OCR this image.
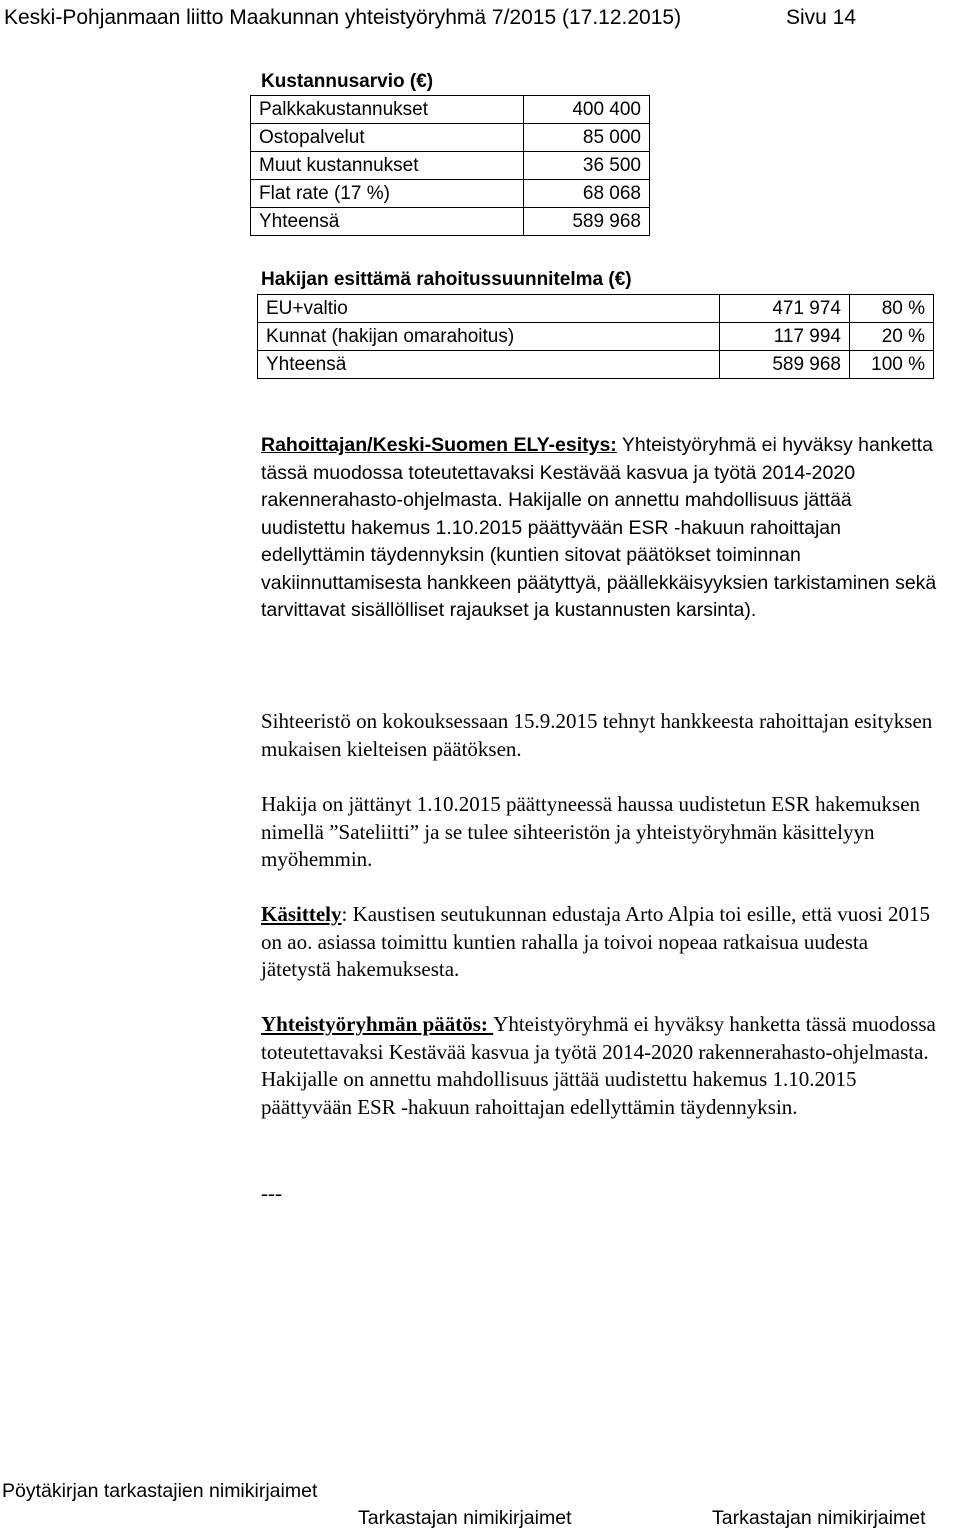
Keski-Pohjanmaan liitto Maakunnan yhteistyöryhmä 7/2015 (17.12.2015)	Sivu 14
Kustannusarvio (€)
Palkkakustannukset	400 400
Ostopalvelut	85 000
Muut kustannukset	36 500
Flat rate (17 %)	68 068
Yhteensä	589 968
Hakijan esittämä rahoitussuunnitelma (€)
EU+valtio	471 974	80 %
Kunnat (hakijan omarahoitus)	117 994	20 %
Yhteensä	589 968	100 %

Rahoittajan/Keski-Suomen ELY-esitys: Yhteistyöryhmä ei hyväksy hanketta tässä muodossa toteutettavaksi Kestävää kasvua ja työtä 2014-2020 rakennerahasto-ohjelmasta. Hakijalle on annettu mahdollisuus jättää uudistettu hakemus 1.10.2015 päättyvään ESR -hakuun rahoittajan edellyttämin täydennyksin (kuntien sitovat päätökset toiminnan vakiinnuttamisesta hankkeen päätyttyä, päällekkäisyyksien tarkistaminen sekä tarvittavat sisällölliset rajaukset ja kustannusten karsinta).

Sihteeristö on kokouksessaan 15.9.2015 tehnyt hankkeesta rahoittajan esityksen mukaisen kielteisen päätöksen.

Hakija on jättänyt 1.10.2015 päättyneessä haussa uudistetun ESR hakemuksen nimellä ”Sateliitti” ja se tulee sihteeristön ja yhteistyöryhmän käsittelyyn myöhemmin.

Käsittely: Kaustisen seutukunnan edustaja Arto Alpia toi esille, että vuosi 2015 on ao. asiassa toimittu kuntien rahalla ja toivoi nopeaa ratkaisua uudesta jätetystä hakemuksesta.

Yhteistyöryhmän päätös: Yhteistyöryhmä ei hyväksy hanketta tässä muodossa toteutettavaksi Kestävää kasvua ja työtä 2014-2020 rakennerahasto-ohjelmasta. Hakijalle on annettu mahdollisuus jättää uudistettu hakemus 1.10.2015 päättyvään ESR -hakuun rahoittajan edellyttämin täydennyksin.

---
Pöytäkirjan tarkastajien nimikirjaimet
Tarkastajan nimikirjaimet	Tarkastajan nimikirjaimet
